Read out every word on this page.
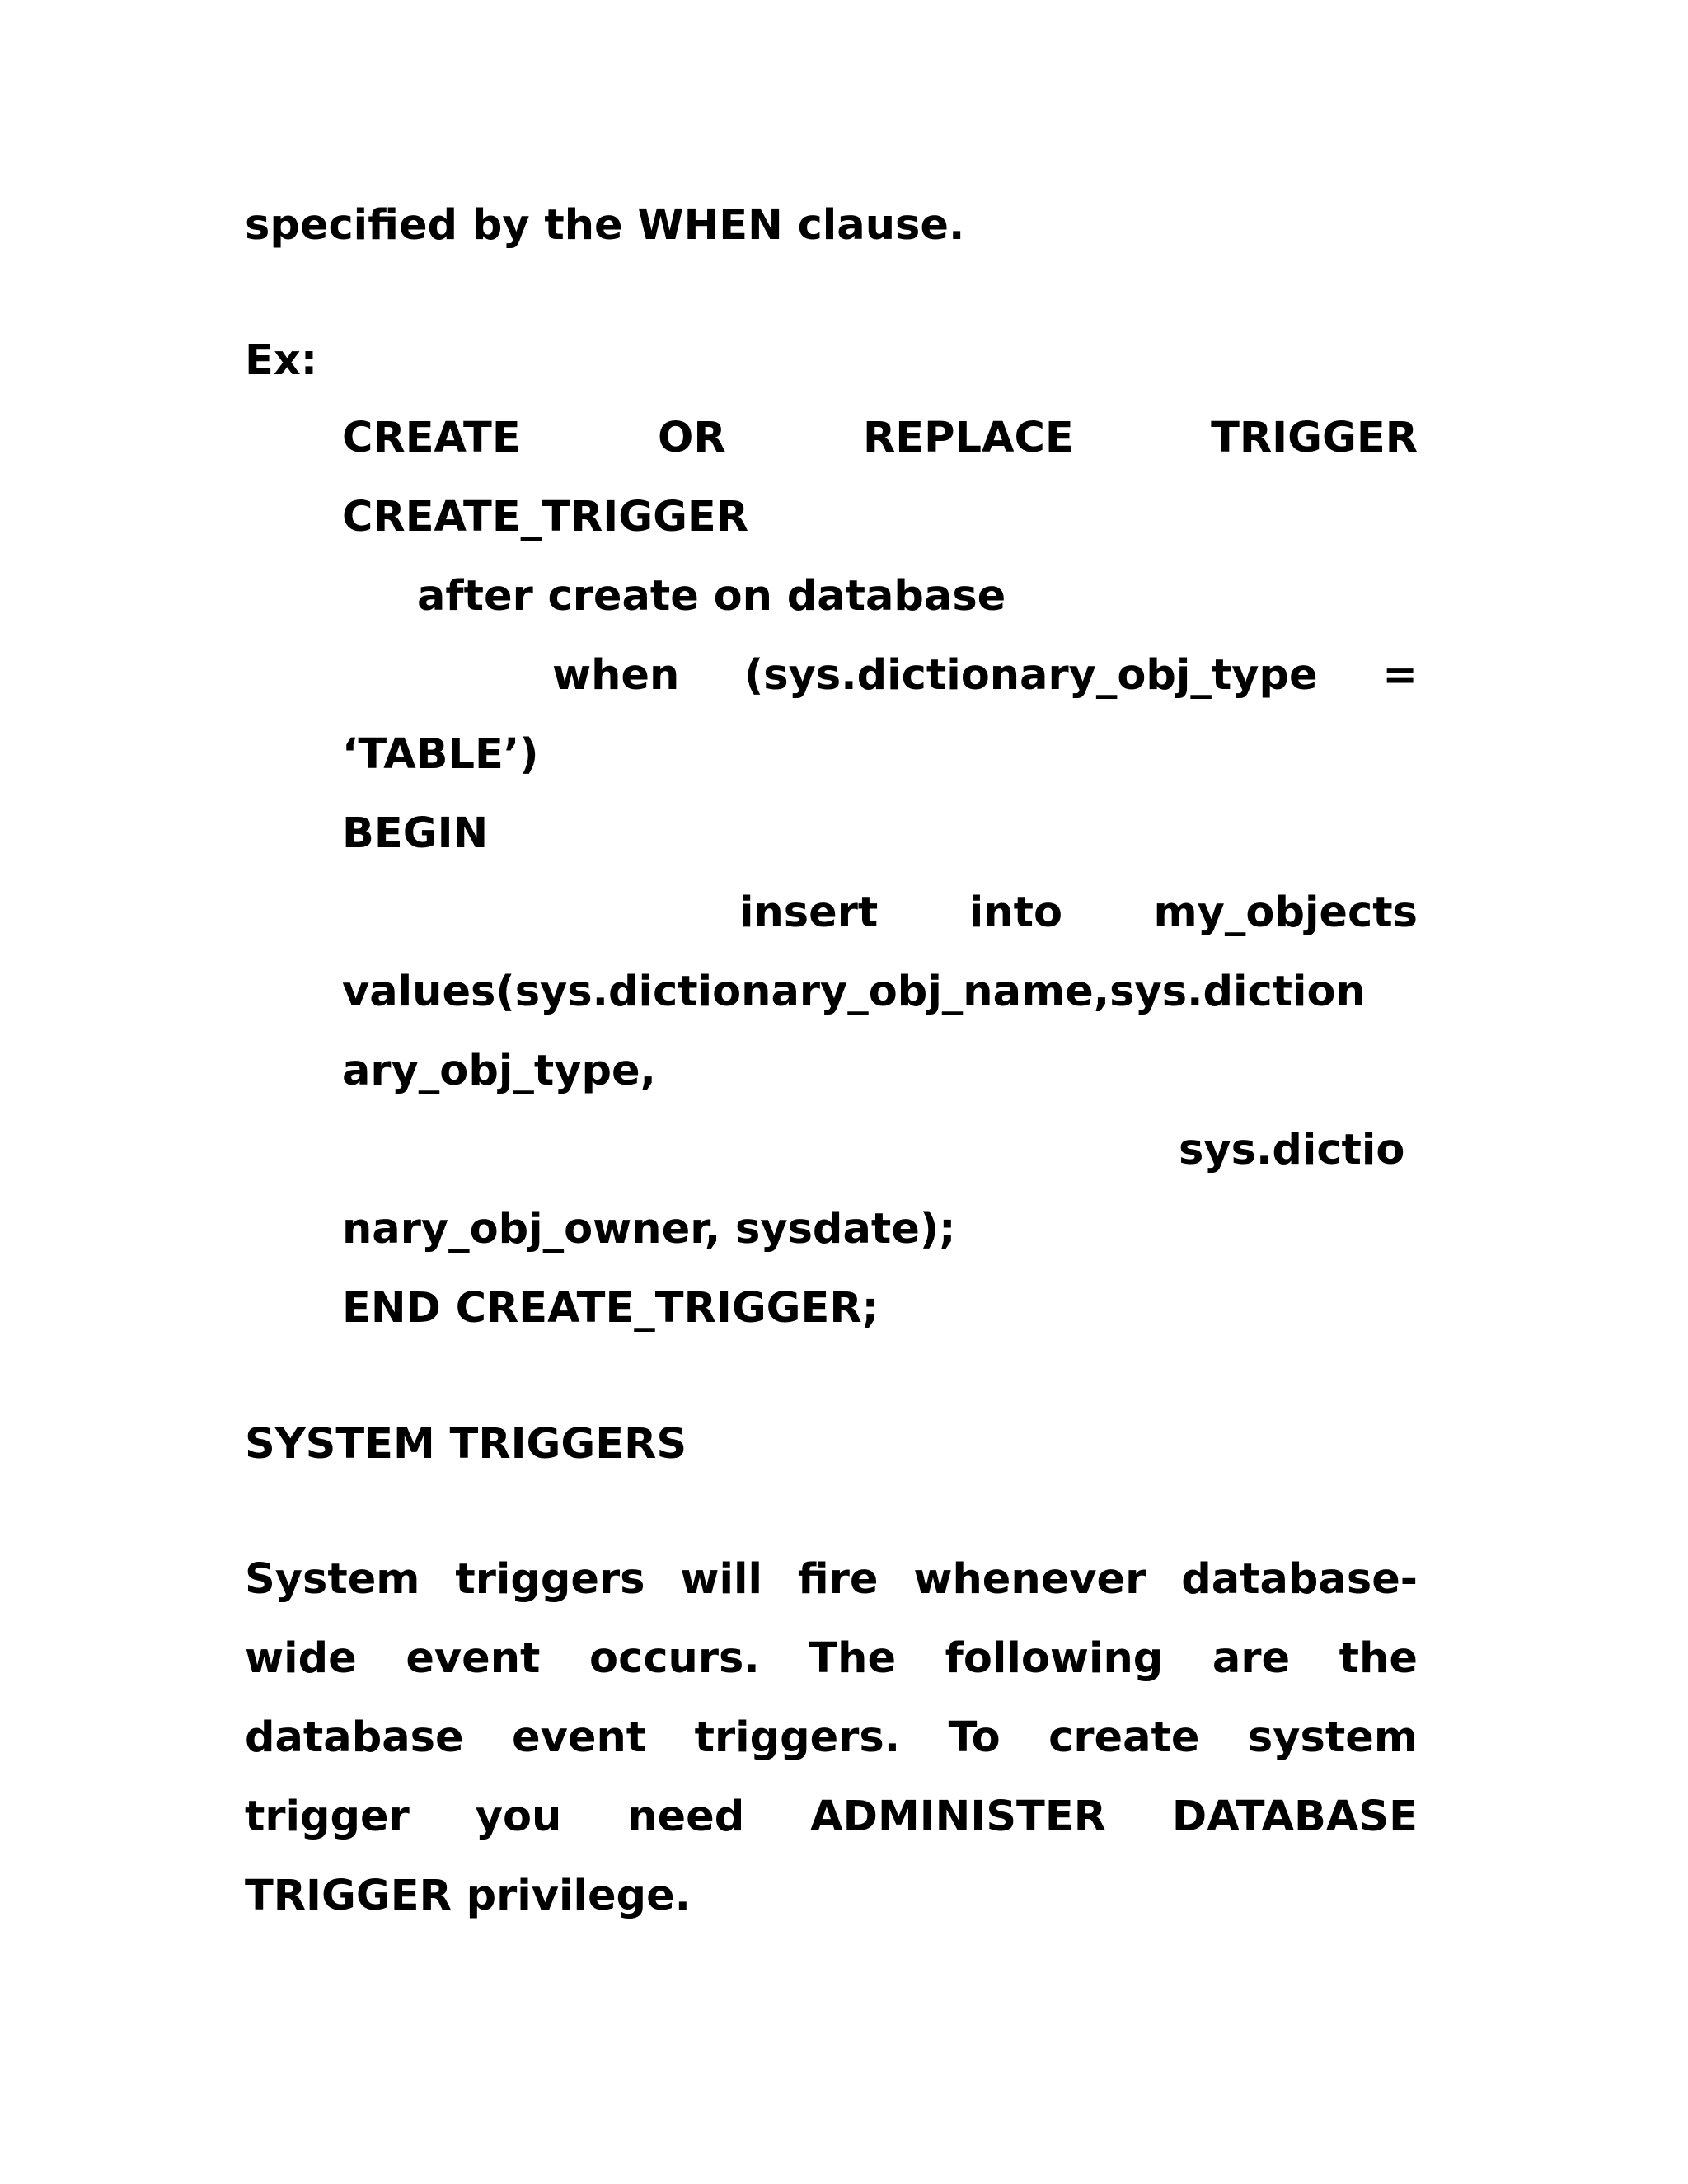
specified by the WHEN clause.
Ex:
CREATE	OR	REPLACE	TRIGGER
CREATE_TRIGGER
after create on database
when (sys.dictionary_obj_type =
‘TABLE’)
BEGIN
insert into my_objects
values(sys.dictionary_obj_name,sys.diction
ary_obj_type,
sys.dictio
nary_obj_owner, sysdate);
END CREATE_TRIGGER;
SYSTEM TRIGGERS
System triggers will fire whenever database-
wide event occurs. The following are the
database event triggers. To create system
trigger you need ADMINISTER DATABASE
TRIGGER privilege.
